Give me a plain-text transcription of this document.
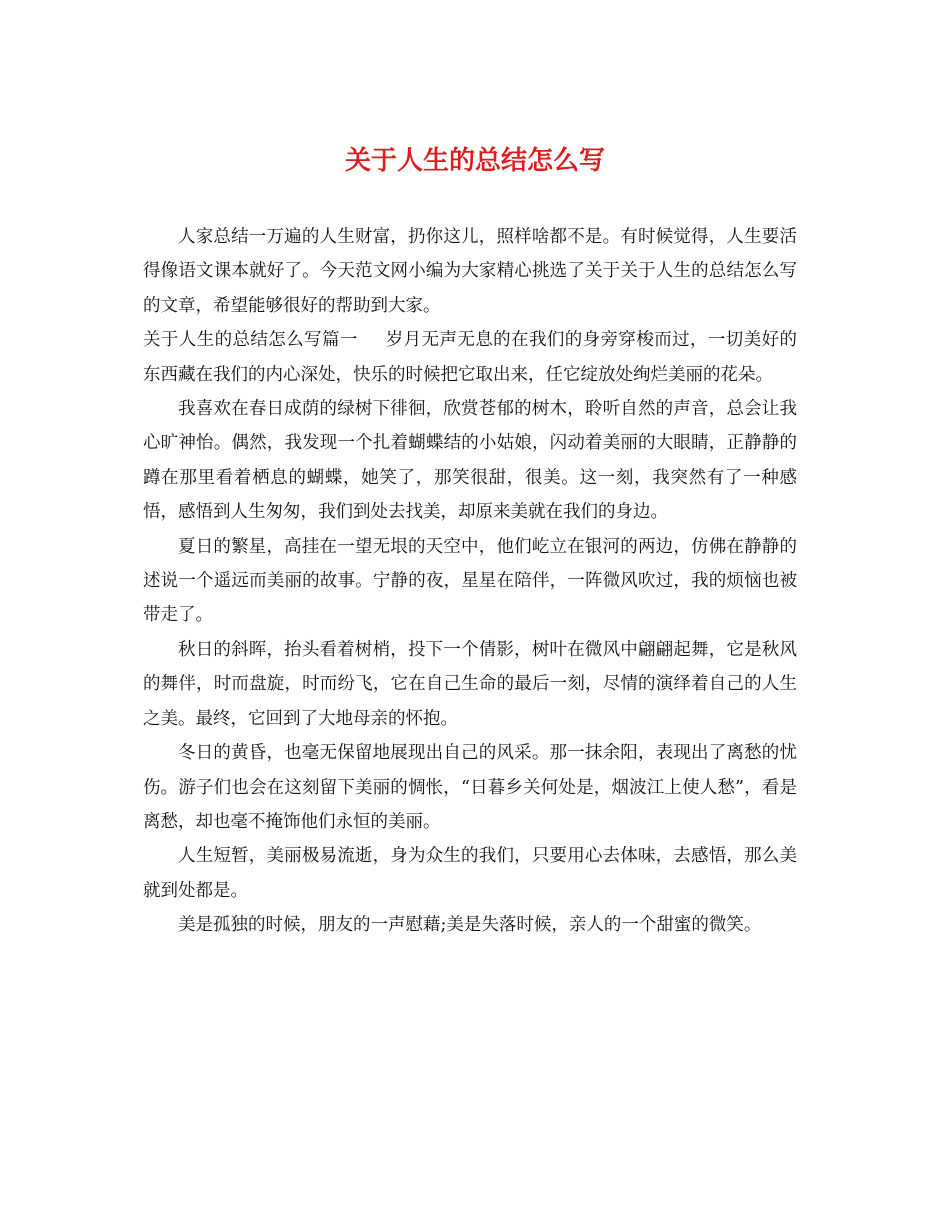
关于人生的总结怎么写

人家总结一万遍的人生财富，扔你这儿，照样啥都不是。有时候觉得，人生要活得像语文课本就好了。今天范文网小编为大家精心挑选了关于关于人生的总结怎么写的文章，希望能够很好的帮助到大家。

关于人生的总结怎么写篇一 岁月无声无息的在我们的身旁穿梭而过，一切美好的东西藏在我们的内心深处，快乐的时候把它取出来，任它绽放处绚烂美丽的花朵。

我喜欢在春日成荫的绿树下徘徊，欣赏苍郁的树木，聆听自然的声音，总会让我心旷神怡。偶然，我发现一个扎着蝴蝶结的小姑娘，闪动着美丽的大眼睛，正静静的蹲在那里看着栖息的蝴蝶，她笑了，那笑很甜，很美。这一刻，我突然有了一种感悟，感悟到人生匆匆，我们到处去找美，却原来美就在我们的身边。

夏日的繁星，高挂在一望无垠的天空中，他们屹立在银河的两边，仿佛在静静的述说一个遥远而美丽的故事。宁静的夜，星星在陪伴，一阵微风吹过，我的烦恼也被带走了。

秋日的斜晖，抬头看着树梢，投下一个倩影，树叶在微风中翩翩起舞，它是秋风的舞伴，时而盘旋，时而纷飞，它在自己生命的最后一刻，尽情的演绎着自己的人生之美。最终，它回到了大地母亲的怀抱。

冬日的黄昏，也毫无保留地展现出自己的风采。那一抹余阳，表现出了离愁的忧伤。游子们也会在这刻留下美丽的惆怅，“日暮乡关何处是，烟波江上使人愁”，看是离愁，却也毫不掩饰他们永恒的美丽。

人生短暂，美丽极易流逝，身为众生的我们，只要用心去体味，去感悟，那么美就到处都是。

美是孤独的时候，朋友的一声慰藉;美是失落时候，亲人的一个甜蜜的微笑。
